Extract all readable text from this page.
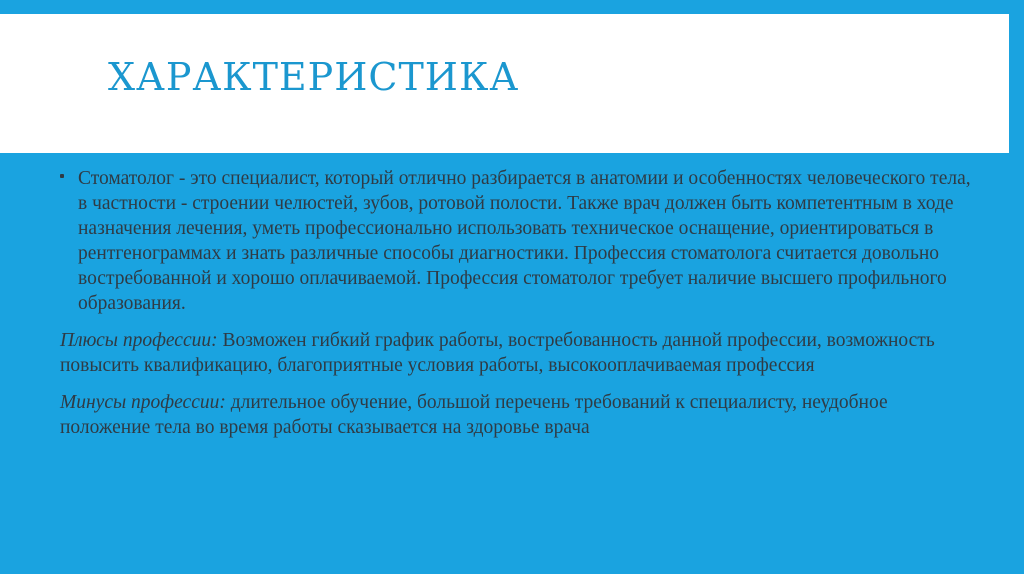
ХАРАКТЕРИСТИКА

Стоматолог - это специалист, который отлично разбирается в анатомии и особенностях человеческого тела, в частности - строении челюстей, зубов, ротовой полости. Также врач должен быть компетентным в ходе назначения лечения, уметь профессионально использовать техническое оснащение, ориентироваться в рентгенограммах и знать различные способы диагностики. Профессия стоматолога считается довольно востребованной и хорошо оплачиваемой. Профессия стоматолог требует наличие высшего профильного образования.

Плюсы профессии: Возможен гибкий график работы, востребованность данной профессии, возможность повысить квалификацию, благоприятные условия работы, высокооплачиваемая профессия

Минусы профессии: длительное обучение, большой перечень требований к специалисту, неудобное положение тела во время работы сказывается на здоровье врача
